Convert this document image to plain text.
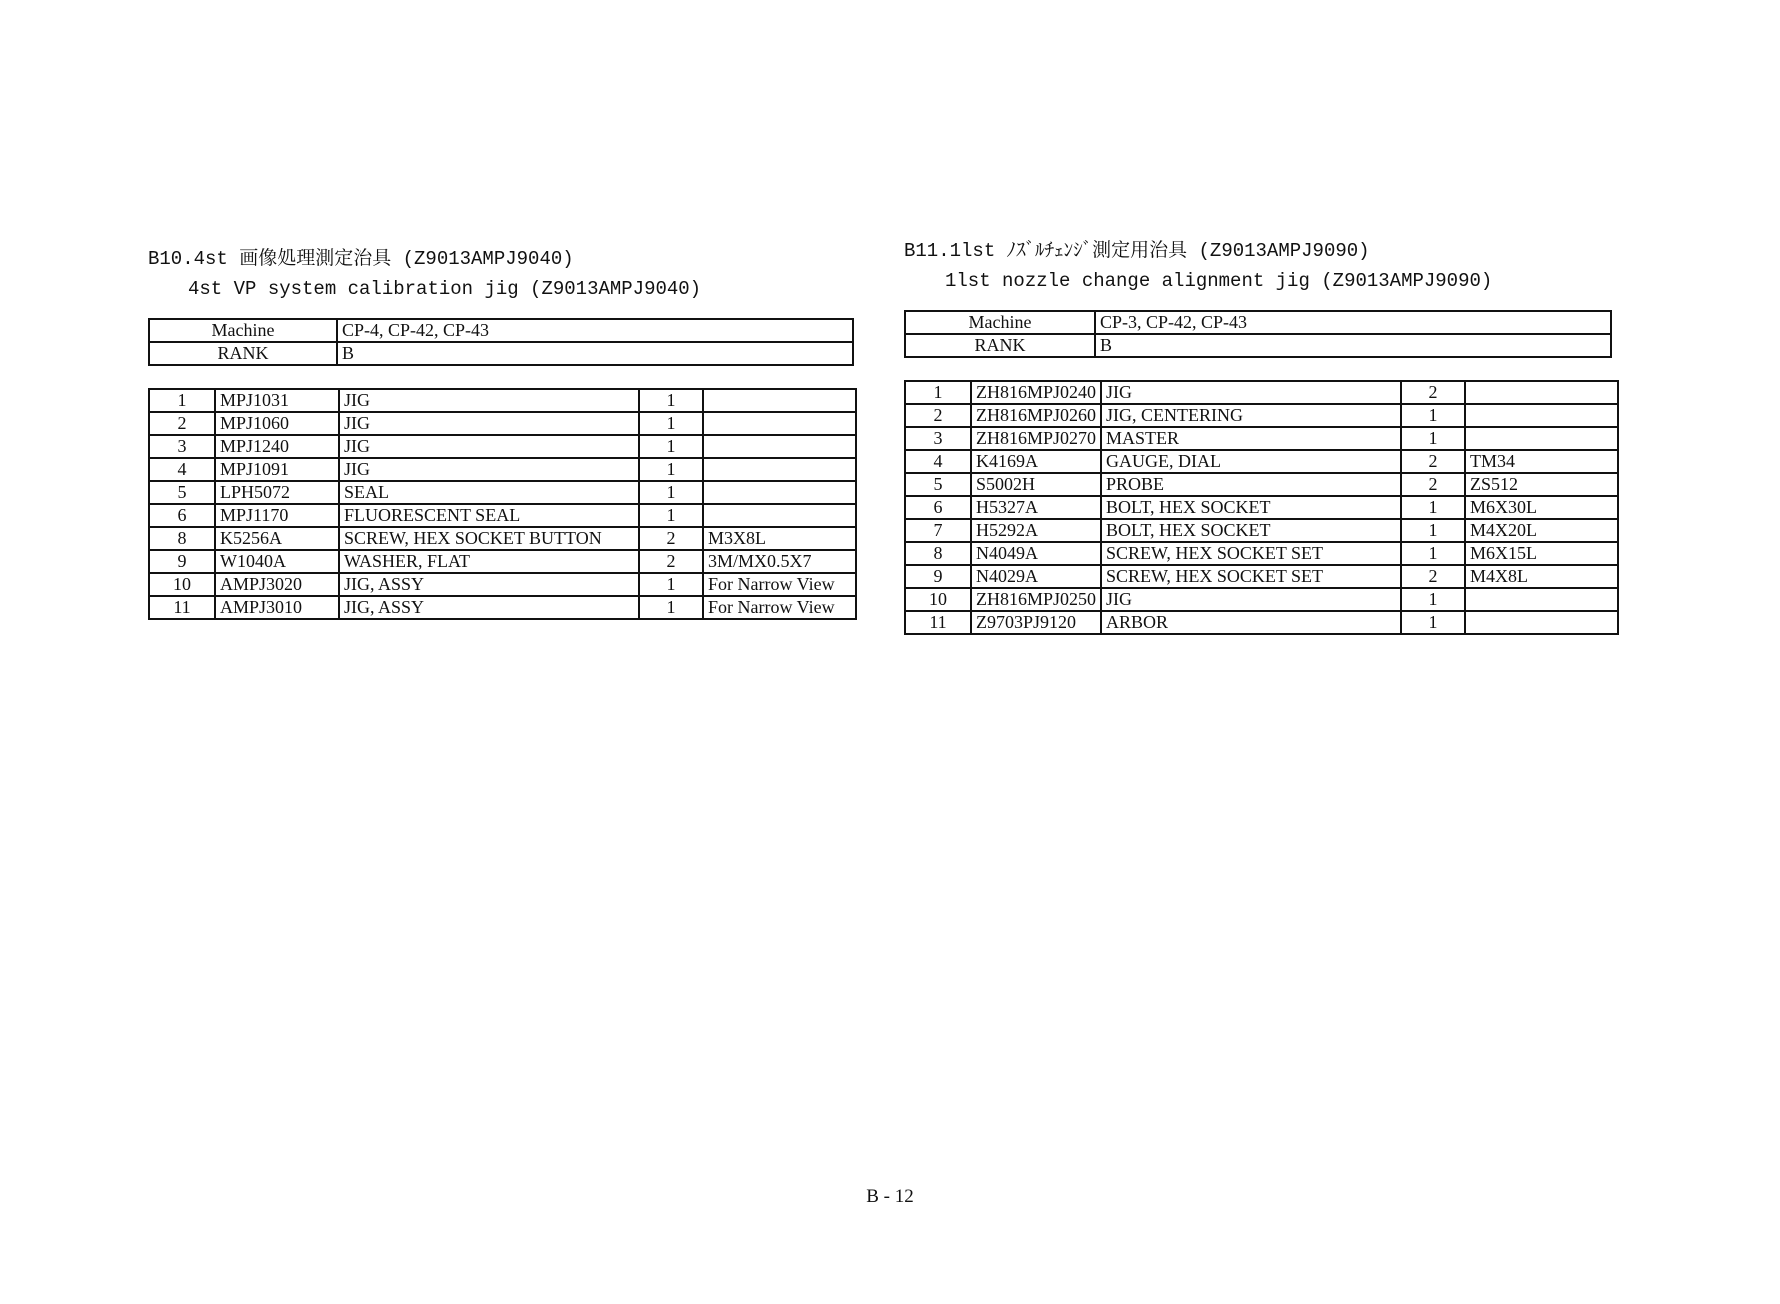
B10.4st 画像処理測定治具 (Z9013AMPJ9040)
4st VP system calibration jig (Z9013AMPJ9040)
Machine	CP-4, CP-42, CP-43
RANK	B
1	MPJ1031	JIG	1	
2	MPJ1060	JIG	1	
3	MPJ1240	JIG	1	
4	MPJ1091	JIG	1	
5	LPH5072	SEAL	1	
6	MPJ1170	FLUORESCENT SEAL	1	
8	K5256A	SCREW, HEX SOCKET BUTTON	2	M3X8L
9	W1040A	WASHER, FLAT	2	3M/MX0.5X7
10	AMPJ3020	JIG, ASSY	1	For Narrow View
11	AMPJ3010	JIG, ASSY	1	For Narrow View
B11.1lst ﾉｽﾞﾙﾁｪﾝｼﾞ測定用治具 (Z9013AMPJ9090)
1lst nozzle change alignment jig (Z9013AMPJ9090)
Machine	CP-3, CP-42, CP-43
RANK	B
1	ZH816MPJ0240	JIG	2	
2	ZH816MPJ0260	JIG, CENTERING	1	
3	ZH816MPJ0270	MASTER	1	
4	K4169A	GAUGE, DIAL	2	TM34
5	S5002H	PROBE	2	ZS512
6	H5327A	BOLT, HEX SOCKET	1	M6X30L
7	H5292A	BOLT, HEX SOCKET	1	M4X20L
8	N4049A	SCREW, HEX SOCKET SET	1	M6X15L
9	N4029A	SCREW, HEX SOCKET SET	2	M4X8L
10	ZH816MPJ0250	JIG	1	
11	Z9703PJ9120	ARBOR	1	
B - 12
